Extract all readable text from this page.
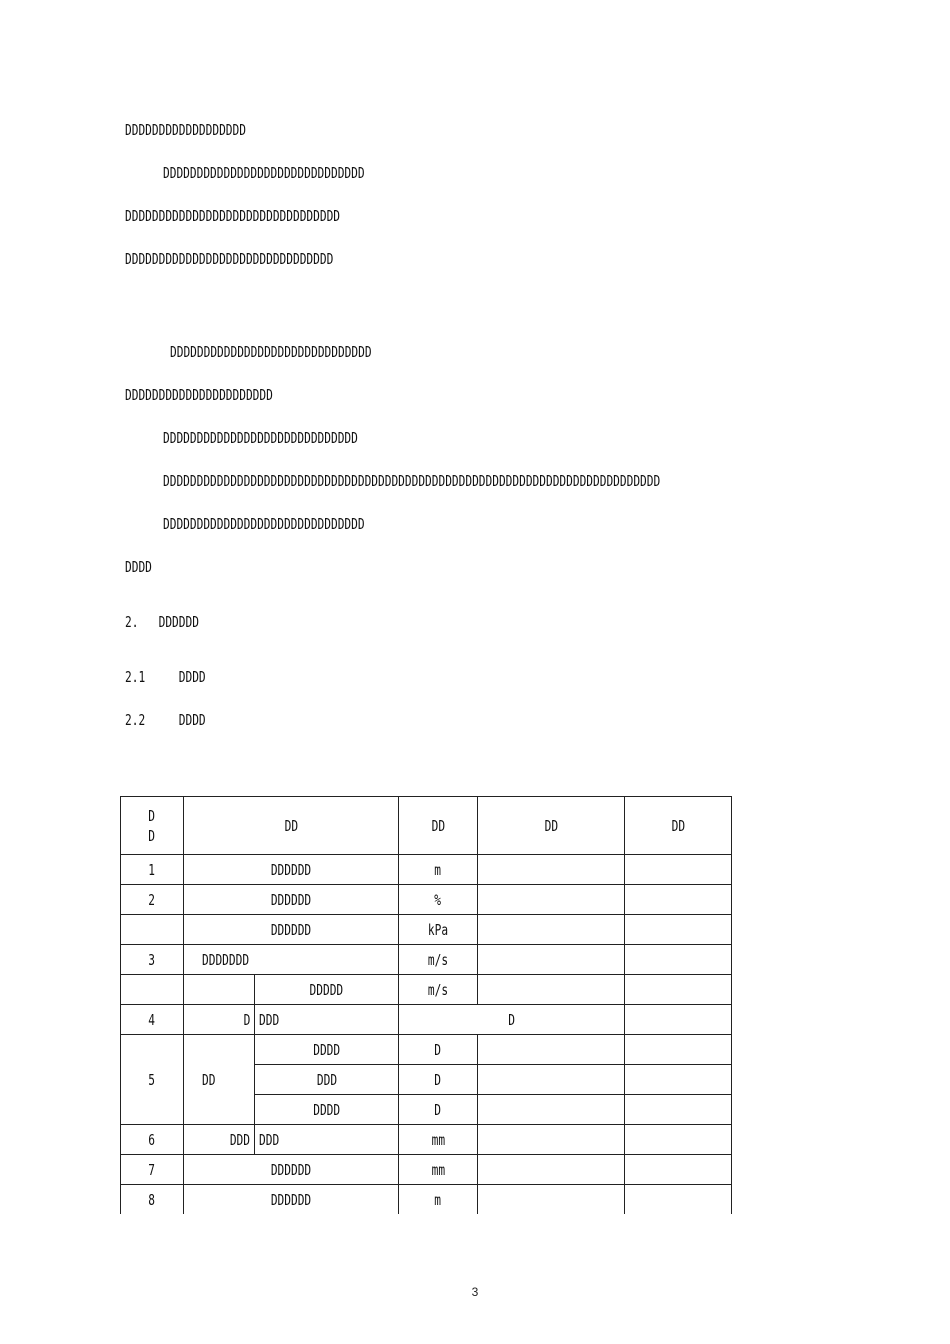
DDDDDDDDDDDDDDDDDD
DDDDDDDDDDDDDDDDDDDDDDDDDDDDDD
DDDDDDDDDDDDDDDDDDDDDDDDDDDDDDDD
DDDDDDDDDDDDDDDDDDDDDDDDDDDDDDD
DDDDDDDDDDDDDDDDDDDDDDDDDDDDDD
DDDDDDDDDDDDDDDDDDDDDD
DDDDDDDDDDDDDDDDDDDDDDDDDDDDD
DDDDDDDDDDDDDDDDDDDDDDDDDDDDDDDDDDDDDDDDDDDDDDDDDDDDDDDDDDDDDDDDDDDDDDDDDD
DDDDDDDDDDDDDDDDDDDDDDDDDDDDDD
DDDD
2.   DDDDDD
2.1     DDDD
2.2     DDDD
D
D	DD		DD	DD	DD
1	DDDDDD		m		
2	DDDDDD		%		
	DDDDDD		kPa		
3	DDDDDDD		m/s		
		DDDDD	m/s		
4	D	DDD	D		
5	DD	DDDD	D		
		DDD	D		
		DDDD	D		
6	DDD	DDD	mm		
7	DDDDDD		mm		
8	DDDDDD		m		
3
